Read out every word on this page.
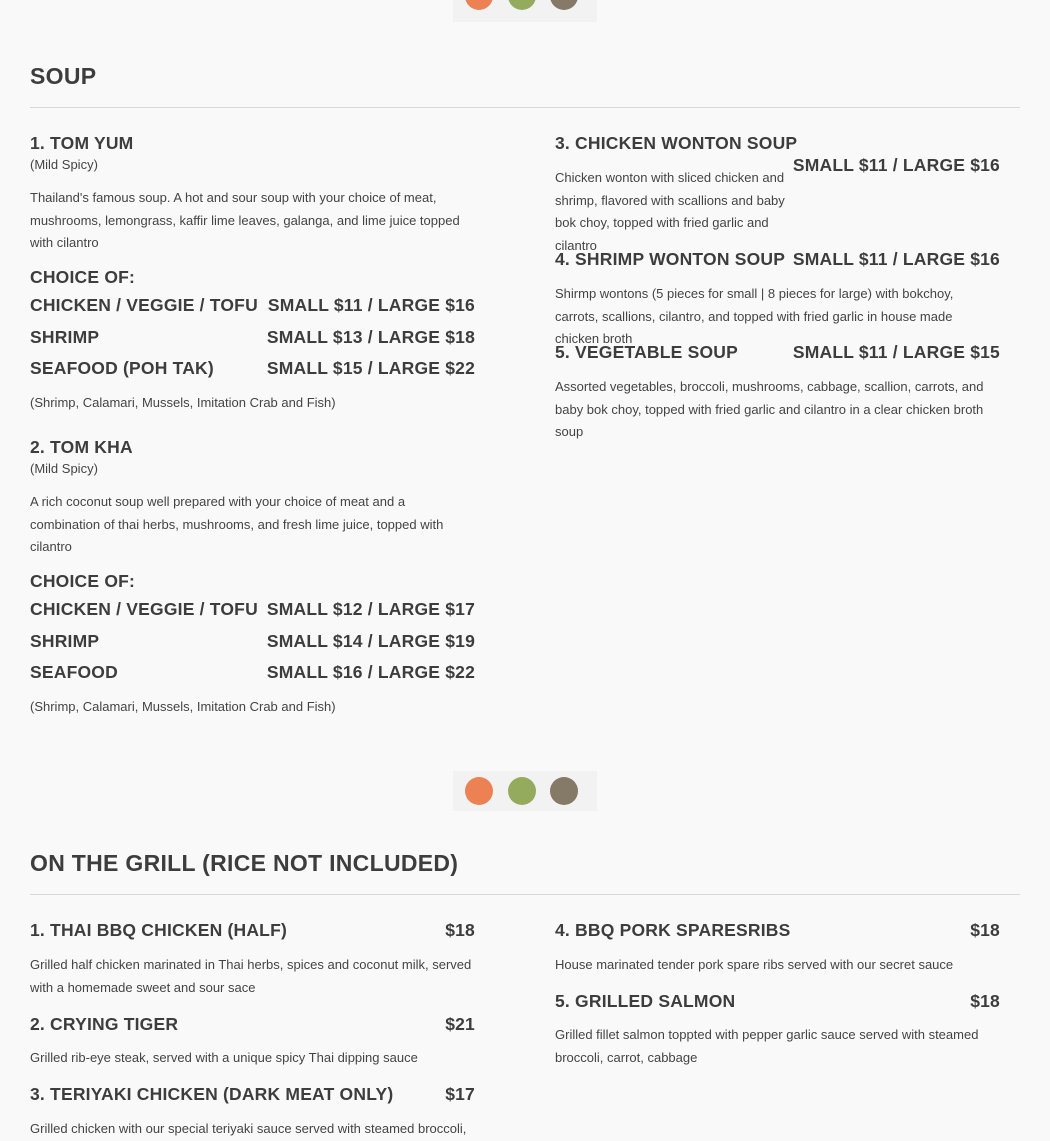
SOUP
1. TOM YUM
(Mild Spicy)
Thailand's famous soup. A hot and sour soup with your choice of meat, mushrooms, lemongrass, kaffir lime leaves, galanga, and lime juice topped with cilantro
CHOICE OF:
CHICKEN / VEGGIE / TOFU SMALL $11 / LARGE $16
SHRIMP	SMALL $13 / LARGE $18
SEAFOOD (POH TAK)	SMALL $15 / LARGE $22
(Shrimp, Calamari, Mussels, Imitation Crab and Fish)
2. TOM KHA
(Mild Spicy)
A rich coconut soup well prepared with your choice of meat and a combination of thai herbs, mushrooms, and fresh lime juice, topped with cilantro
CHOICE OF:
CHICKEN / VEGGIE / TOFU SMALL $12 / LARGE $17
SHRIMP	SMALL $14 / LARGE $19
SEAFOOD	SMALL $16 / LARGE $22
(Shrimp, Calamari, Mussels, Imitation Crab and Fish)
3. CHICKEN WONTON SOUP
SMALL $11 / LARGE $16
Chicken wonton with sliced chicken and shrimp, flavored with scallions and baby bok choy, topped with fried garlic and cilantro
4. SHRIMP WONTON SOUP SMALL $11 / LARGE $16
Shirmp wontons (5 pieces for small | 8 pieces for large) with bokchoy, carrots, scallions, cilantro, and topped with fried garlic in house made chicken broth
5. VEGETABLE SOUP	SMALL $11 / LARGE $15
Assorted vegetables, broccoli, mushrooms, cabbage, scallion, carrots, and baby bok choy, topped with fried garlic and cilantro in a clear chicken broth soup
ON THE GRILL (RICE NOT INCLUDED)
1. THAI BBQ CHICKEN (HALF)	$18
Grilled half chicken marinated in Thai herbs, spices and coconut milk, served with a homemade sweet and sour sace
2. CRYING TIGER	$21
Grilled rib-eye steak, served with a unique spicy Thai dipping sauce
3. TERIYAKI CHICKEN (DARK MEAT ONLY)	$17
Grilled chicken with our special teriyaki sauce served with steamed broccoli,
4. BBQ PORK SPARESRIBS	$18
House marinated tender pork spare ribs served with our secret sauce
5. GRILLED SALMON	$18
Grilled fillet salmon toppted with pepper garlic sauce served with steamed broccoli, carrot, cabbage
